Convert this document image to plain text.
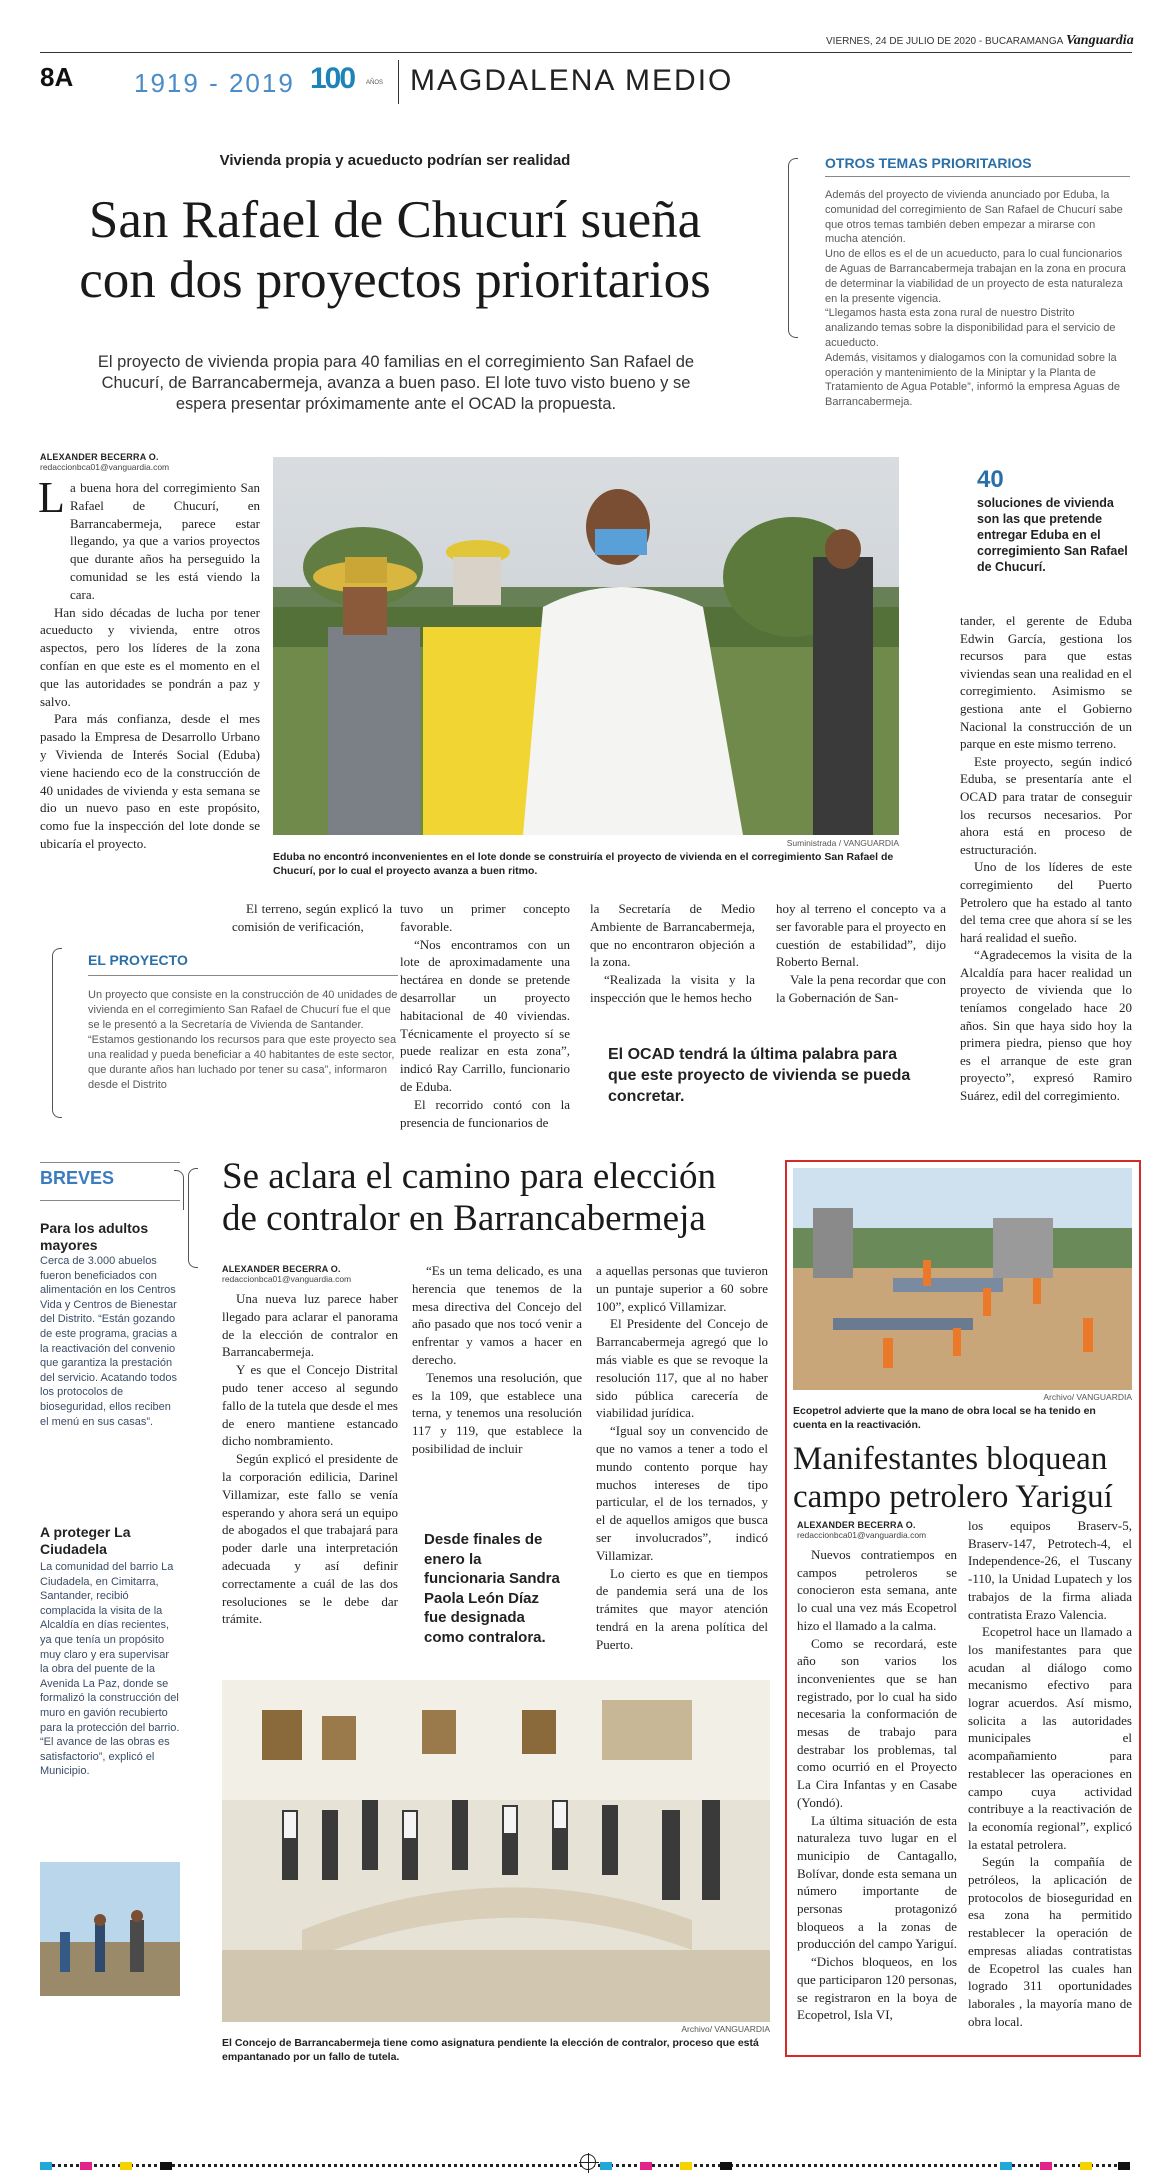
VIERNES, 24 DE JULIO DE 2020 - BUCARAMANGA Vanguardia
8A 1919 - 2019 100 AÑOS MAGDALENA MEDIO
Vivienda propia y acueducto podrían ser realidad
San Rafael de Chucurí sueña
con dos proyectos prioritarios
El proyecto de vivienda propia para 40 familias en el corregimiento San Rafael de Chucurí, de Barrancabermeja, avanza a buen paso. El lote tuvo visto bueno y se espera presentar próximamente ante el OCAD la propuesta.
OTROS TEMAS PRIORITARIOS

Además del proyecto de vivienda anunciado por Eduba, la comunidad del corregimiento de San Rafael de Chucurí sabe que otros temas también deben empezar a mirarse con mucha atención.

Uno de ellos es el de un acueducto, para lo cual funcionarios de Aguas de Barrancabermeja trabajan en la zona en procura de determinar la viabilidad de un proyecto de esta naturaleza en la presente vigencia.

“Llegamos hasta esta zona rural de nuestro Distrito analizando temas sobre la disponibilidad para el servicio de acueducto.

Además, visitamos y dialogamos con la comunidad sobre la operación y mantenimiento de la Miniptar y la Planta de Tratamiento de Agua Potable”, informó la empresa Aguas de Barrancabermeja.

ALEXANDER BECERRA O.
redaccionbca01@vanguardia.com
L a buena hora del corregimiento San Rafael de Chucurí, en Barrancabermeja, parece estar llegando, ya que a varios proyectos que durante años ha perseguido la comunidad se les está viendo la cara.

Han sido décadas de lucha por tener acueducto y vivienda, entre otros aspectos, pero los líderes de la zona confían en que este es el momento en el que las autoridades se pondrán a paz y salvo.

Para más confianza, desde el mes pasado la Empresa de Desarrollo Urbano y Vivienda de Interés Social (Eduba) viene haciendo eco de la construcción de 40 unidades de vivienda y esta semana se dio un nuevo paso en este propósito, como fue la inspección del lote donde se ubicaría el proyecto.	Suministrada / VANGUARDIA
Eduba no encontró inconvenientes en el lote donde se construiría el proyecto de vivienda en el corregimiento San Rafael de Chucurí, por lo cual el proyecto avanza a buen ritmo.
40
soluciones de vivienda son las que pretende entregar Eduba en el corregimiento San Rafael de Chucurí.

tander, el gerente de Eduba Edwin García, gestiona los recursos para que estas viviendas sean una realidad en el corregimiento. Asimismo se gestiona ante el Gobierno Nacional la construcción de un parque en este mismo terreno.

Este proyecto, según indicó Eduba, se presentaría ante el OCAD para tratar de conseguir los recursos necesarios. Por ahora está en proceso de estructuración.

Uno de los líderes de este corregimiento del Puerto Petrolero que ha estado al tanto del tema cree que ahora sí se les hará realidad el sueño.

“Agradecemos la visita de la Alcaldía para hacer realidad un proyecto de vivienda que lo teníamos congelado hace 20 años. Sin que haya sido hoy la primera piedra, pienso que hoy es el arranque de este gran proyecto”, expresó Ramiro Suárez, edil del corregimiento.

El terreno, según explicó la comisión de verificación,

tuvo un primer concepto favorable.

“Nos encontramos con un lote de aproximadamente una hectárea en donde se pretende desarrollar un proyecto habitacional de 40 viviendas. Técnicamente el proyecto sí se puede realizar en esta zona”, indicó Ray Carrillo, funcionario de Eduba.

El recorrido contó con la presencia de funcionarios de

la Secretaría de Medio Ambiente de Barrancabermeja, que no encontraron objeción a la zona.

“Realizada la visita y la inspección que le hemos hecho

hoy al terreno el concepto va a ser favorable para el proyecto en cuestión de estabilidad”, dijo Roberto Bernal.

Vale la pena recordar que con la Gobernación de San-

El OCAD tendrá la última palabra para que este proyecto de vivienda se pueda concretar.
EL PROYECTO

Un proyecto que consiste en la construcción de 40 unidades de vivienda en el corregimiento San Rafael de Chucurí fue el que se le presentó a la Secretaría de Vivienda de Santander.

“Estamos gestionando los recursos para que este proyecto sea una realidad y pueda beneficiar a 40 habitantes de este sector, que durante años han luchado por tener su casa”, informaron desde el Distrito

BREVES
Para los adultos mayores
Cerca de 3.000 abuelos fueron beneficiados con alimentación en los Centros Vida y Centros de Bienestar del Distrito. “Están gozando de este programa, gracias a la reactivación del convenio que garantiza la prestación del servicio. Acatando todos los protocolos de bioseguridad, ellos reciben el menú en sus casas”.
A proteger La Ciudadela
La comunidad del barrio La Ciudadela, en Cimitarra, Santander, recibió complacida la visita de la Alcaldía en días recientes, ya que tenía un propósito muy claro y era supervisar la obra del puente de la Avenida La Paz, donde se formalizó la construcción del muro en gavión recubierto para la protección del barrio. “El avance de las obras es satisfactorio”, explicó el Municipio.
Se aclara el camino para elección
de contralor en Barrancabermeja
ALEXANDER BECERRA O.
redaccionbca01@vanguardia.com

Una nueva luz parece haber llegado para aclarar el panorama de la elección de contralor en Barrancabermeja.

Y es que el Concejo Distrital pudo tener acceso al segundo fallo de la tutela que desde el mes de enero mantiene estancado dicho nombramiento.

Según explicó el presidente de la corporación edilicia, Darinel Villamizar, este fallo se venía esperando y ahora será un equipo de abogados el que trabajará para poder darle una interpretación adecuada y así definir correctamente a cuál de las dos resoluciones se le debe dar trámite.

“Es un tema delicado, es una herencia que tenemos de la mesa directiva del Concejo del año pasado que nos tocó venir a enfrentar y vamos a hacer en derecho.

Tenemos una resolución, que es la 109, que establece una terna, y tenemos una resolución 117 y 119, que establece la posibilidad de incluir

a aquellas personas que tuvieron un puntaje superior a 60 sobre 100”, explicó Villamizar.

El Presidente del Concejo de Barrancabermeja agregó que lo más viable es que se revoque la resolución 117, que al no haber sido pública carecería de viabilidad jurídica.

“Igual soy un convencido de que no vamos a tener a todo el mundo contento porque hay muchos intereses de tipo particular, el de los ternados, y el de aquellos amigos que busca ser involucrados”, indicó Villamizar.

Lo cierto es que en tiempos de pandemia será una de los trámites que mayor atención tendrá en la arena política del Puerto.

Desde finales de enero la funcionaria Sandra Paola León Díaz fue designada como contralora.
Archivo/ VANGUARDIA
El Concejo de Barrancabermeja tiene como asignatura pendiente la elección de contralor, proceso que está empantanado por un fallo de tutela.
Archivo/ VANGUARDIA
Ecopetrol advierte que la mano de obra local se ha tenido en cuenta en la reactivación.
Manifestantes bloquean
campo petrolero Yariguí
ALEXANDER BECERRA O.
redaccionbca01@vanguardia.com

Nuevos contratiempos en campos petroleros se conocieron esta semana, ante lo cual una vez más Ecopetrol hizo el llamado a la calma.

Como se recordará, este año son varios los inconvenientes que se han registrado, por lo cual ha sido necesaria la conformación de mesas de trabajo para destrabar los problemas, tal como ocurrió en el Proyecto La Cira Infantas y en Casabe (Yondó).

La última situación de esta naturaleza tuvo lugar en el municipio de Cantagallo, Bolívar, donde esta semana un número importante de personas protagonizó bloqueos a la zonas de producción del campo Yariguí.

“Dichos bloqueos, en los que participaron 120 personas, se registraron en la boya de Ecopetrol, Isla VI,

los equipos Braserv-5, Braserv-147, Petrotech-4, el Independence-26, el Tuscany -110, la Unidad Lupatech y los trabajos de la firma aliada contratista Erazo Valencia.

Ecopetrol hace un llamado a los manifestantes para que acudan al diálogo como mecanismo efectivo para lograr acuerdos. Así mismo, solicita a las autoridades municipales el acompañamiento para restablecer las operaciones en campo cuya actividad contribuye a la reactivación de la economía regional”, explicó la estatal petrolera.

Según la compañía de petróleos, la aplicación de protocolos de bioseguridad en esa zona ha permitido restablecer la operación de empresas aliadas contratistas de Ecopetrol las cuales han logrado 311 oportunidades laborales , la mayoría mano de obra local.
